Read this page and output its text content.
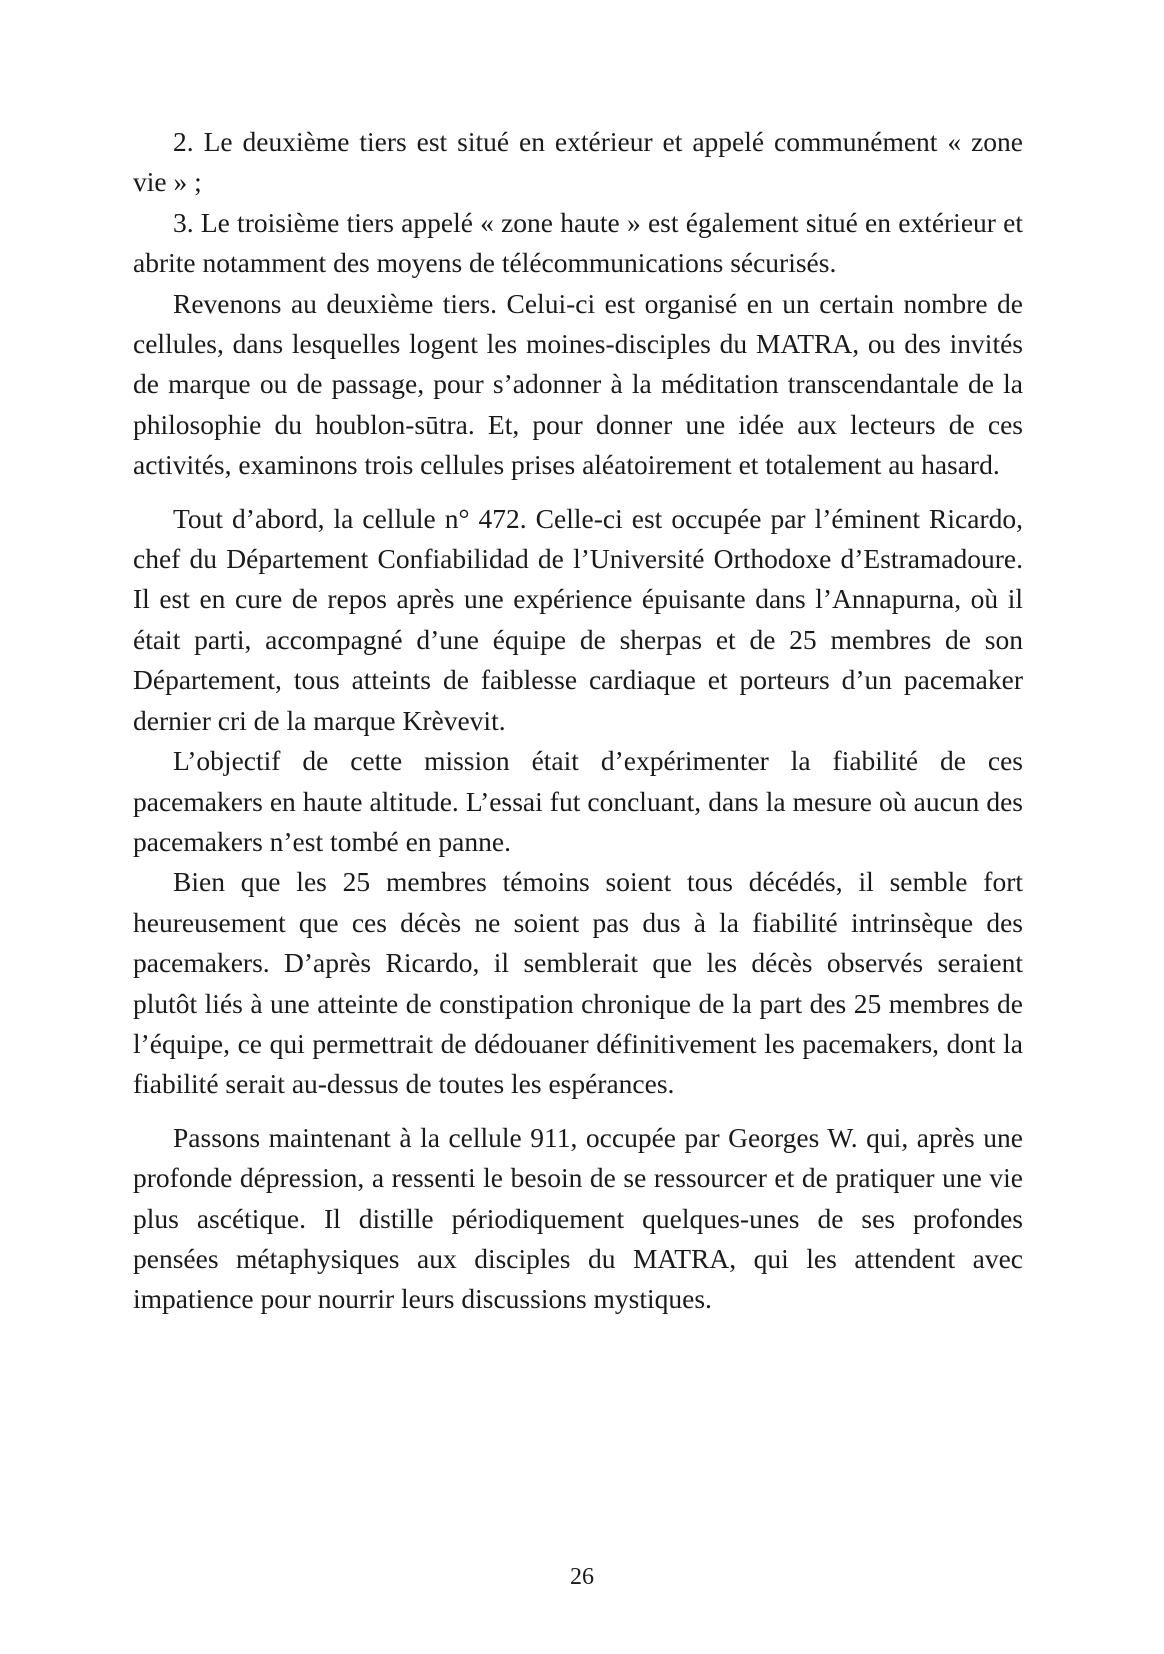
2. Le deuxième tiers est situé en extérieur et appelé communément « zone vie » ;

3. Le troisième tiers appelé « zone haute » est également situé en extérieur et abrite notamment des moyens de télécommunications sécurisés.

Revenons au deuxième tiers. Celui-ci est organisé en un certain nombre de cellules, dans lesquelles logent les moines-disciples du MATRA, ou des invités de marque ou de passage, pour s’adonner à la méditation transcendantale de la philosophie du houblon-sūtra. Et, pour donner une idée aux lecteurs de ces activités, examinons trois cellules prises aléatoirement et totalement au hasard.

Tout d’abord, la cellule n° 472. Celle-ci est occupée par l’éminent Ricardo, chef du Département Confiabilidad de l’Université Orthodoxe d’Estramadoure. Il est en cure de repos après une expérience épuisante dans l’Annapurna, où il était parti, accompagné d’une équipe de sherpas et de 25 membres de son Département, tous atteints de faiblesse cardiaque et porteurs d’un pacemaker dernier cri de la marque Krèvevit.

L’objectif de cette mission était d’expérimenter la fiabilité de ces pacemakers en haute altitude. L’essai fut concluant, dans la mesure où aucun des pacemakers n’est tombé en panne.

Bien que les 25 membres témoins soient tous décédés, il semble fort heureusement que ces décès ne soient pas dus à la fiabilité intrinsèque des pacemakers. D’après Ricardo, il semblerait que les décès observés seraient plutôt liés à une atteinte de constipation chronique de la part des 25 membres de l’équipe, ce qui permettrait de dédouaner définitivement les pacemakers, dont la fiabilité serait au-dessus de toutes les espérances.

Passons maintenant à la cellule 911, occupée par Georges W. qui, après une profonde dépression, a ressenti le besoin de se ressourcer et de pratiquer une vie plus ascétique. Il distille périodiquement quelques-unes de ses profondes pensées métaphysiques aux disciples du MATRA, qui les attendent avec impatience pour nourrir leurs discussions mystiques.

26
